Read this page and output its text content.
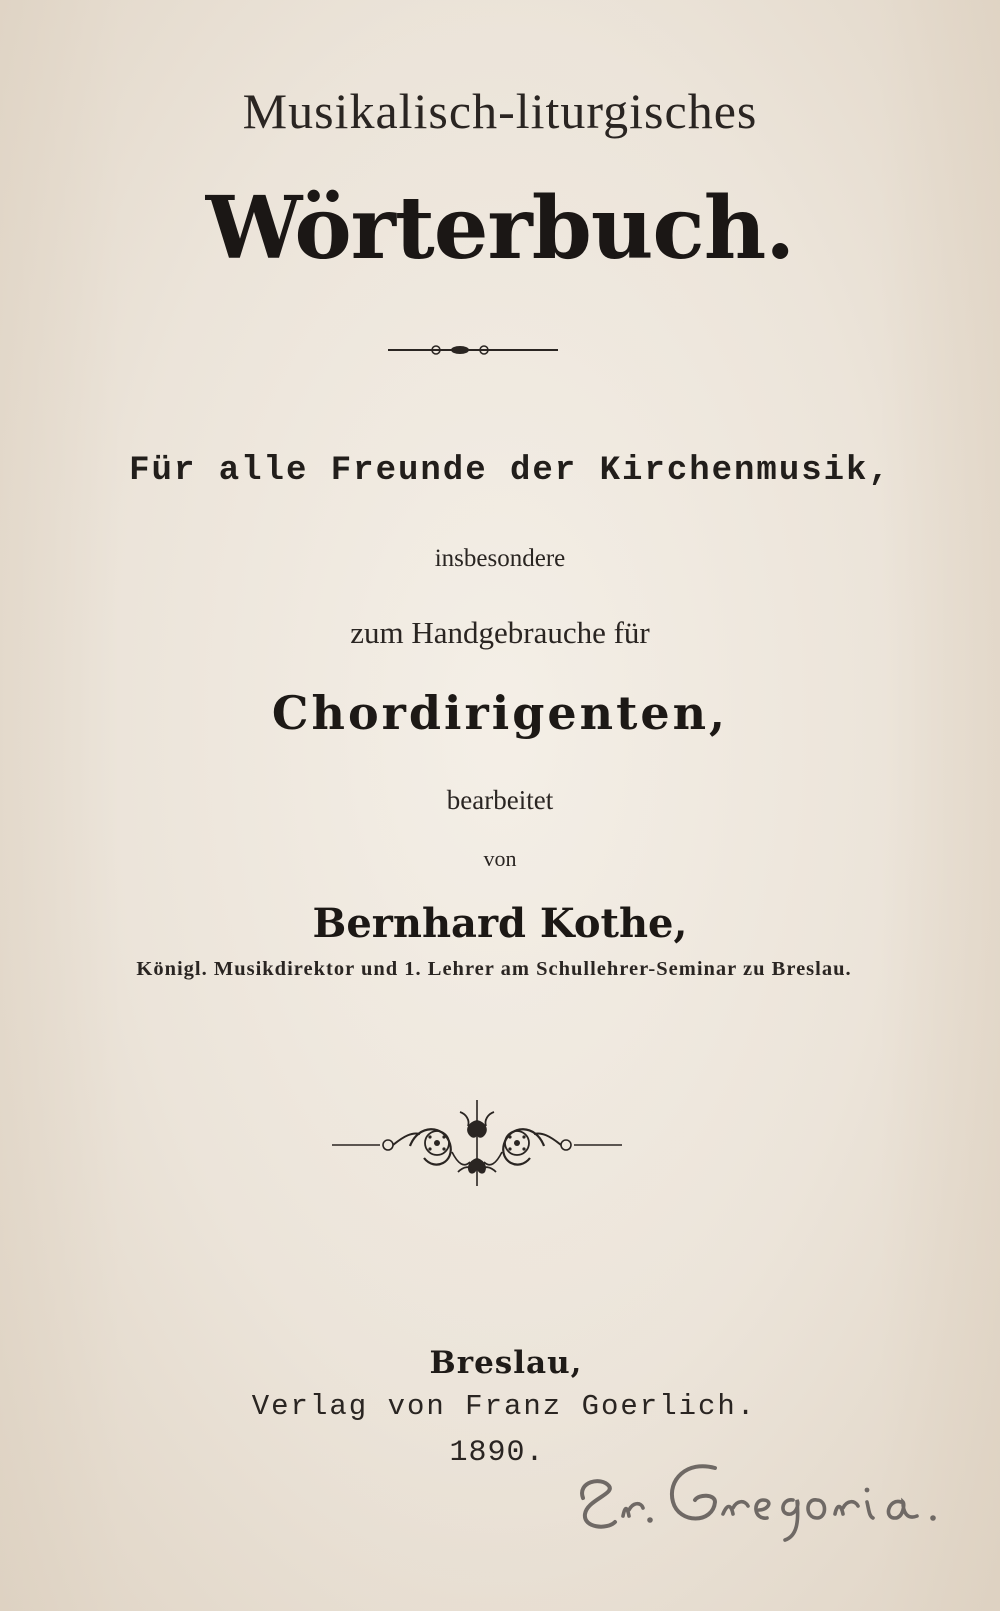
Musikalisch-liturgisches
Wörterbuch.
Für alle Freunde der Kirchenmusik,
insbesondere
zum Handgebrauche für
Chordirigenten,
bearbeitet
von
Bernhard Kothe,
Königl. Musikdirektor und 1. Lehrer am Schullehrer-Seminar zu Breslau.
Breslau,
Verlag von Franz Goerlich.
1890.
